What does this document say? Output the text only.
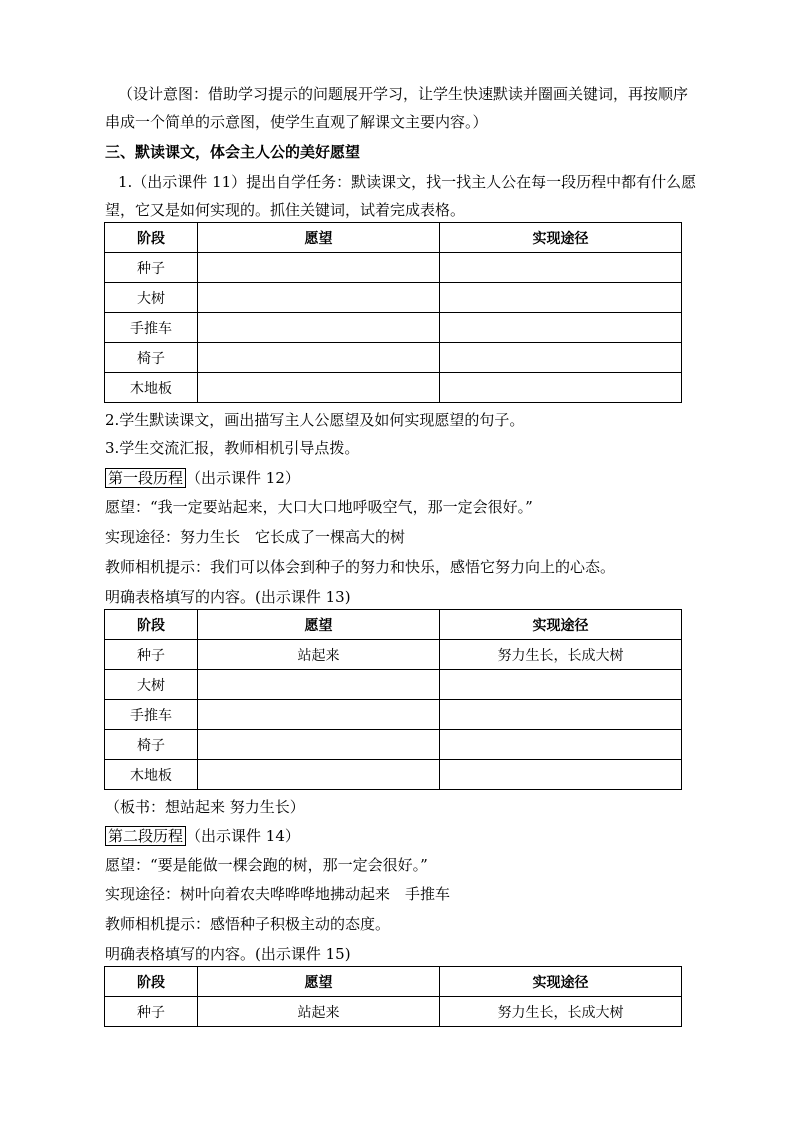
（设计意图：借助学习提示的问题展开学习，让学生快速默读并圈画关键词，再按顺序
串成一个简单的示意图，使学生直观了解课文主要内容。）
三、默读课文，体会主人公的美好愿望
1.（出示课件 11）提出自学任务：默读课文，找一找主人公在每一段历程中都有什么愿
望，它又是如何实现的。抓住关键词，试着完成表格。
阶段	愿望	实现途径
种子		
大树		
手推车		
椅子		
木地板		
2.学生默读课文，画出描写主人公愿望及如何实现愿望的句子。
3.学生交流汇报，教师相机引导点拨。
第一段历程 （出示课件 12）
愿望：“我一定要站起来，大口大口地呼吸空气，那一定会很好。”
实现途径：努力生长　它长成了一棵高大的树
教师相机提示：我们可以体会到种子的努力和快乐，感悟它努力向上的心态。
明确表格填写的内容。(出示课件 13)
阶段	愿望	实现途径
种子	站起来	努力生长，长成大树
大树		
手推车		
椅子		
木地板		
（板书：想站起来 努力生长）
第二段历程 （出示课件 14）
愿望：“要是能做一棵会跑的树，那一定会很好。”
实现途径：树叶向着农夫哗哗哗地拂动起来　手推车
教师相机提示：感悟种子积极主动的态度。
明确表格填写的内容。(出示课件 15)
阶段	愿望	实现途径
种子	站起来	努力生长，长成大树
